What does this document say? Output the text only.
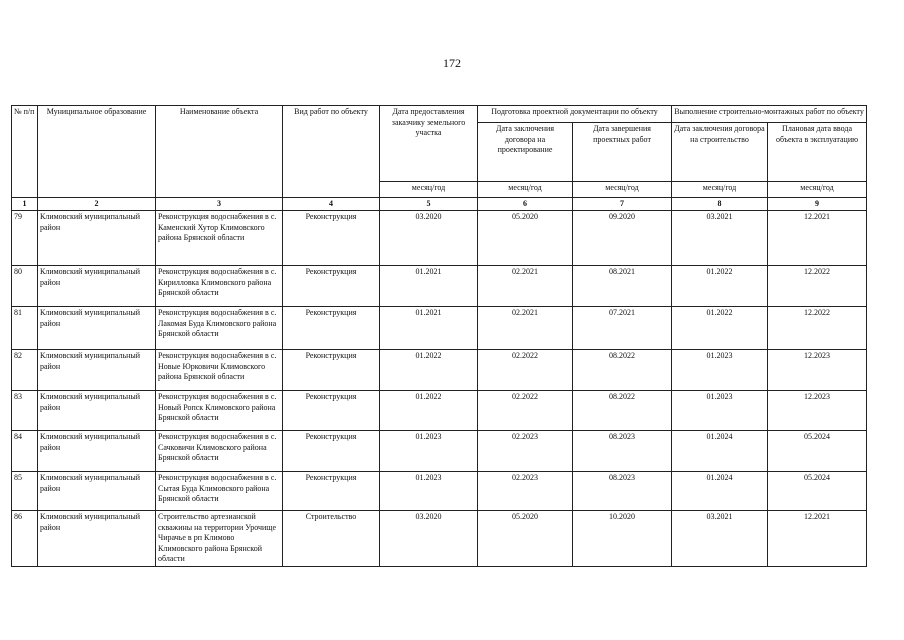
172
№ п/п	Муниципальное образование	Наименование объекта	Вид работ по объекту	Дата предоставления заказчику земельного участка	Подготовка проектной документации по объекту		Выполнение строительно-монтажных работ по объекту	
					Дата заключения договора на проектирование	Дата завершения проектных работ	Дата заключения договора на строительство	Плановая дата ввода объекта в эксплуатацию
				месяц/год	месяц/год	месяц/год	месяц/год	месяц/год
1	2	3	4	5	6	7	8	9
79	Климовский муниципальный район	Реконструкция водоснабжения в с. Каменский Хутор Климовского района Брянской области	Реконструкция	03.2020	05.2020	09.2020	03.2021	12.2021
80	Климовский муниципальный район	Реконструкция водоснабжения в с. Кирилловка Климовского района Брянской области	Реконструкция	01.2021	02.2021	08.2021	01.2022	12.2022
81	Климовский муниципальный район	Реконструкция водоснабжения в с. Лакомая Буда Климовского района Брянской области	Реконструкция	01.2021	02.2021	07.2021	01.2022	12.2022
82	Климовский муниципальный район	Реконструкция водоснабжения в с. Новые Юрковичи Климовского района Брянской области	Реконструкция	01.2022	02.2022	08.2022	01.2023	12.2023
83	Климовский муниципальный район	Реконструкция водоснабжения в с. Новый Ропск Климовского района Брянской области	Реконструкция	01.2022	02.2022	08.2022	01.2023	12.2023
84	Климовский муниципальный район	Реконструкция водоснабжения в с. Сачковичи Климовского района Брянской области	Реконструкция	01.2023	02.2023	08.2023	01.2024	05.2024
85	Климовский муниципальный район	Реконструкция водоснабжения в с. Сытая Буда Климовского района Брянской области	Реконструкция	01.2023	02.2023	08.2023	01.2024	05.2024
86	Климовский муниципальный район	Строительство артезианской скважины на территории Урочище Чирачье в рп Климово Климовского района Брянской области	Строительство	03.2020	05.2020	10.2020	03.2021	12.2021
